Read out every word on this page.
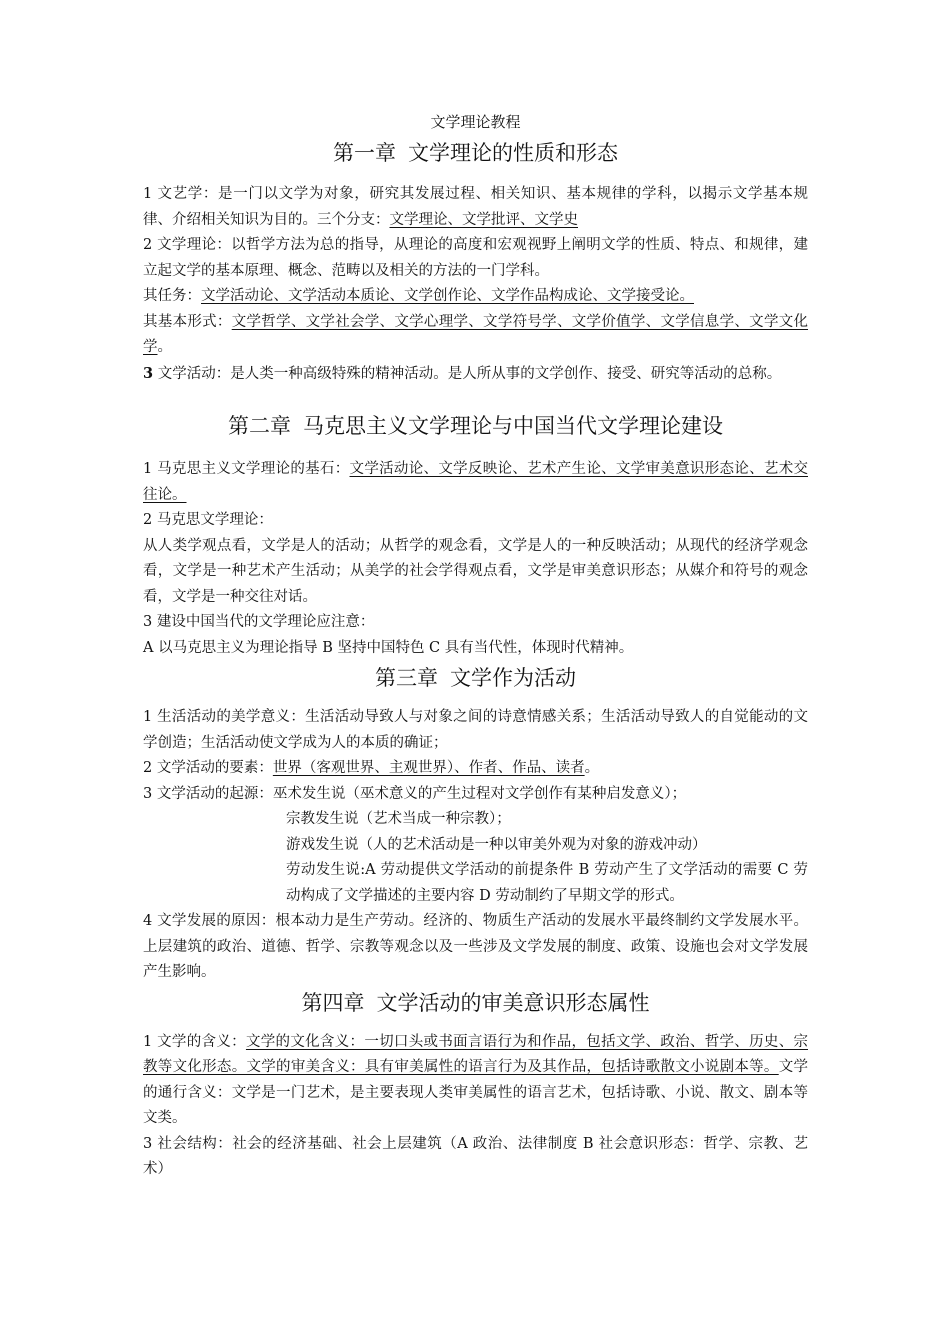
文学理论教程
第一章 文学理论的性质和形态

1 文艺学：是一门以文学为对象，研究其发展过程、相关知识、基本规律的学科，以揭示文学基本规律、介绍相关知识为目的。三个分支：文学理论、文学批评、文学史

2 文学理论：以哲学方法为总的指导，从理论的高度和宏观视野上阐明文学的性质、特点、和规律，建立起文学的基本原理、概念、范畴以及相关的方法的一门学科。

其任务：文学活动论、文学活动本质论、文学创作论、文学作品构成论、文学接受论。

其基本形式：文学哲学、文学社会学、文学心理学、文学符号学、文学价值学、文学信息学、文学文化学。

3 文学活动：是人类一种高级特殊的精神活动。是人所从事的文学创作、接受、研究等活动的总称。

第二章 马克思主义文学理论与中国当代文学理论建设

1 马克思主义文学理论的基石：文学活动论、文学反映论、艺术产生论、文学审美意识形态论、艺术交往论。

2 马克思文学理论：

从人类学观点看，文学是人的活动；从哲学的观念看，文学是人的一种反映活动；从现代的经济学观念看，文学是一种艺术产生活动；从美学的社会学得观点看，文学是审美意识形态；从媒介和符号的观念看，文学是一种交往对话。

3 建设中国当代的文学理论应注意：

A 以马克思主义为理论指导 B 坚持中国特色 C 具有当代性，体现时代精神。

第三章 文学作为活动

1 生活活动的美学意义：生活活动导致人与对象之间的诗意情感关系；生活活动导致人的自觉能动的文学创造；生活活动使文学成为人的本质的确证；

2 文学活动的要素：世界（客观世界、主观世界）、作者、作品、读者。

3 文学活动的起源：巫术发生说（巫术意义的产生过程对文学创作有某种启发意义）；

宗教发生说（艺术当成一种宗教）；

游戏发生说（人的艺术活动是一种以审美外观为对象的游戏冲动）

劳动发生说:A 劳动提供文学活动的前提条件 B 劳动产生了文学活动的需要 C 劳动构成了文学描述的主要内容 D 劳动制约了早期文学的形式。

4 文学发展的原因：根本动力是生产劳动。经济的、物质生产活动的发展水平最终制约文学发展水平。上层建筑的政治、道德、哲学、宗教等观念以及一些涉及文学发展的制度、政策、设施也会对文学发展产生影响。

第四章 文学活动的审美意识形态属性

1 文学的含义：文学的文化含义：一切口头或书面言语行为和作品，包括文学、政治、哲学、历史、宗教等文化形态。文学的审美含义：具有审美属性的语言行为及其作品，包括诗歌散文小说剧本等。文学的通行含义：文学是一门艺术，是主要表现人类审美属性的语言艺术，包括诗歌、小说、散文、剧本等文类。

3 社会结构：社会的经济基础、社会上层建筑（A 政治、法律制度 B 社会意识形态：哲学、宗教、艺术）
